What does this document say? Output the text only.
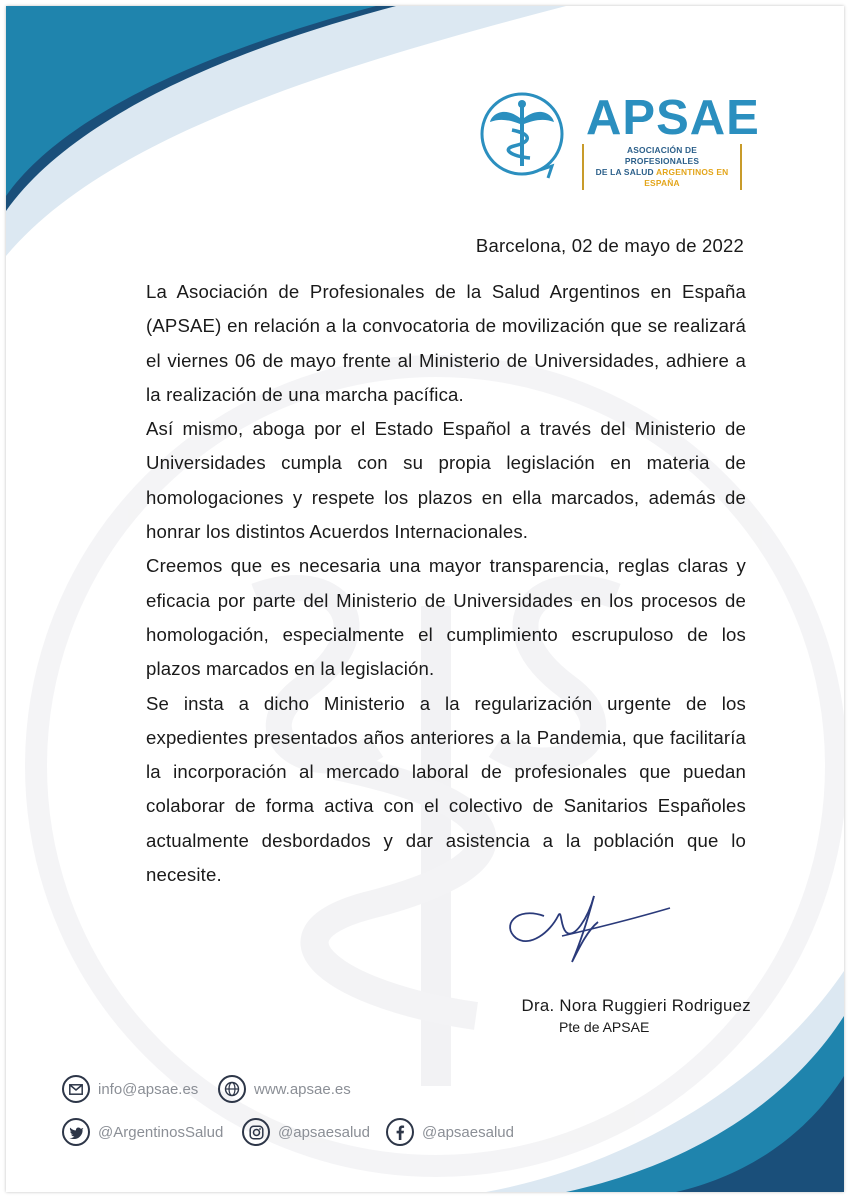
APSAE
ASOCIACIÓN DE PROFESIONALES
DE LA SALUD ARGENTINOS EN ESPAÑA
Barcelona, 02 de mayo de 2022

La Asociación de Profesionales de la Salud Argentinos en España (APSAE) en relación a la convocatoria de movilización que se realizará el viernes 06 de mayo frente al Ministerio de Universidades, adhiere a la realización de una marcha pacífica.

Así mismo, aboga por el Estado Español a través del Ministerio de Universidades cumpla con su propia legislación en materia de homologaciones y respete los plazos en ella marcados, además de honrar los distintos Acuerdos Internacionales.

Creemos que es necesaria una mayor transparencia, reglas claras y eficacia por parte del Ministerio de Universidades en los procesos de homologación, especialmente el cumplimiento escrupuloso de los plazos marcados en la legislación.

Se insta a dicho Ministerio a la regularización urgente de los expedientes presentados años anteriores a la Pandemia, que facilitaría la incorporación al mercado laboral de profesionales que puedan colaborar de forma activa con el colectivo de Sanitarios Españoles actualmente desbordados y dar asistencia a la población que lo necesite.

Dra. Nora Ruggieri Rodriguez
Pte de APSAE
info@apsae.es	www.apsae.es
@ArgentinosSalud	@apsaesalud	@apsaesalud
